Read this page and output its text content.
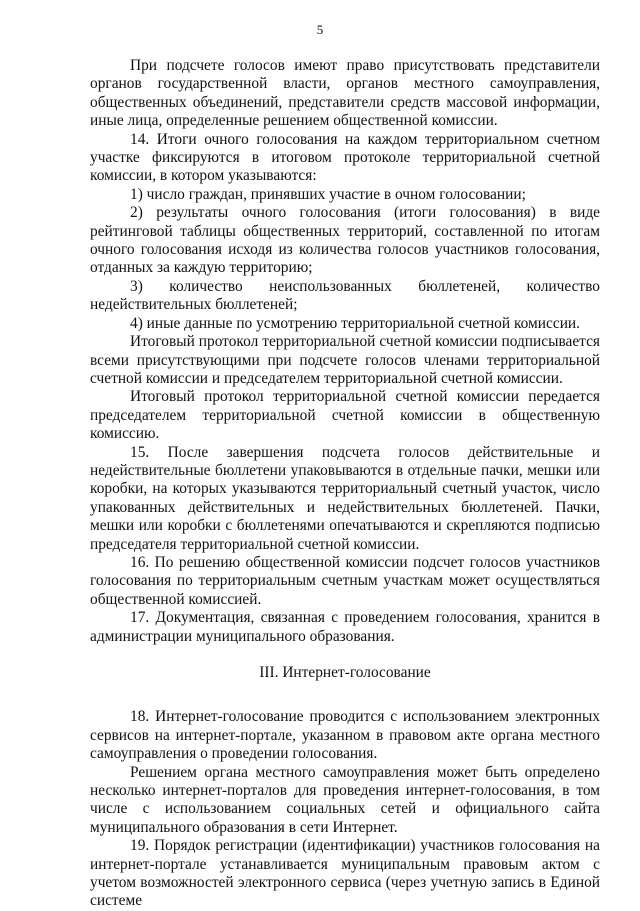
5

При подсчете голосов имеют право присутствовать представители органов государственной власти, органов местного самоуправления, общественных объединений, представители средств массовой информации, иные лица, определенные решением общественной комиссии.

14. Итоги очного голосования на каждом территориальном счетном участке фиксируются в итоговом протоколе территориальной счетной комиссии, в котором указываются:

1) число граждан, принявших участие в очном голосовании;

2) результаты очного голосования (итоги голосования) в виде рейтинговой таблицы общественных территорий, составленной по итогам очного голосования исходя из количества голосов участников голосования, отданных за каждую территорию;

3) количество неиспользованных бюллетеней, количество недействительных бюллетеней;

4) иные данные по усмотрению территориальной счетной комиссии.

Итоговый протокол территориальной счетной комиссии подписывается всеми присутствующими при подсчете голосов членами территориальной счетной комиссии и председателем территориальной счетной комиссии.

Итоговый протокол территориальной счетной комиссии передается председателем территориальной счетной комиссии в общественную комиссию.

15. После завершения подсчета голосов действительные и недействительные бюллетени упаковываются в отдельные пачки, мешки или коробки, на которых указываются территориальный счетный участок, число упакованных действительных и недействительных бюллетеней. Пачки, мешки или коробки с бюллетенями опечатываются и скрепляются подписью председателя территориальной счетной комиссии.

16. По решению общественной комиссии подсчет голосов участников голосования по территориальным счетным участкам может осуществляться общественной комиссией.

17. Документация, связанная с проведением голосования, хранится в администрации муниципального образования.

III. Интернет-голосование

18. Интернет-голосование проводится с использованием электронных сервисов на интернет-портале, указанном в правовом акте органа местного самоуправления о проведении голосования.

Решением органа местного самоуправления может быть определено несколько интернет-порталов для проведения интернет-голосования, в том числе с использованием социальных сетей и официального сайта муниципального образования в сети Интернет.

19. Порядок регистрации (идентификации) участников голосования на интернет-портале устанавливается муниципальным правовым актом с учетом возможностей электронного сервиса (через учетную запись в Единой системе
